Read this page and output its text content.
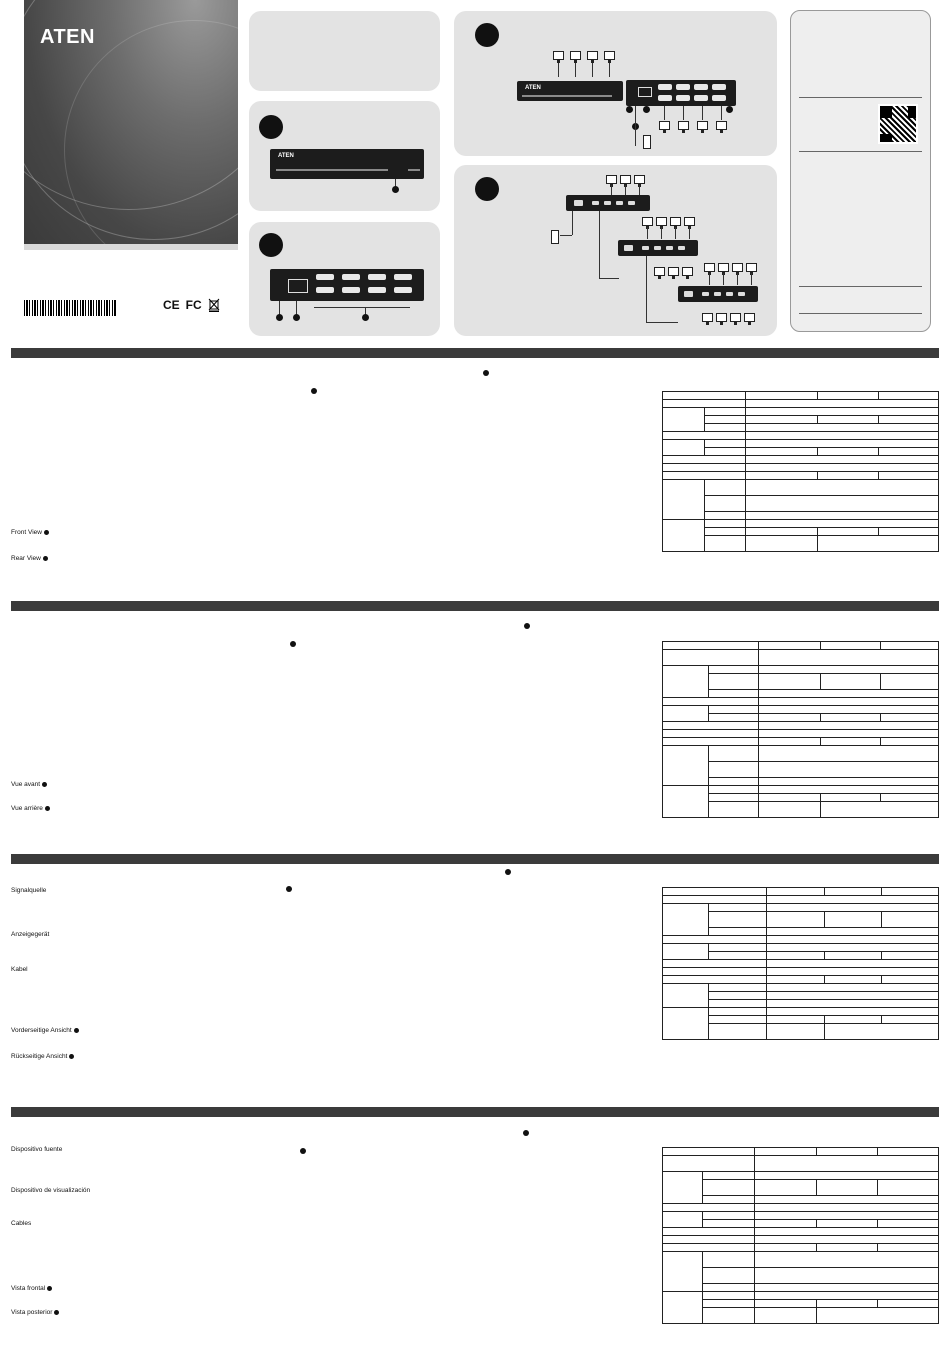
ATEN
CE FC
ATEN
ATEN
Front View
Rear View

Vue avant
Vue arrière

Signalquelle
Anzeigegerät
Kabel
Vorderseitige Ansicht
Rückseitige Ansicht

Dispositivo fuente
Dispositivo de visualización
Cables
Vista frontal
Vista posterior
